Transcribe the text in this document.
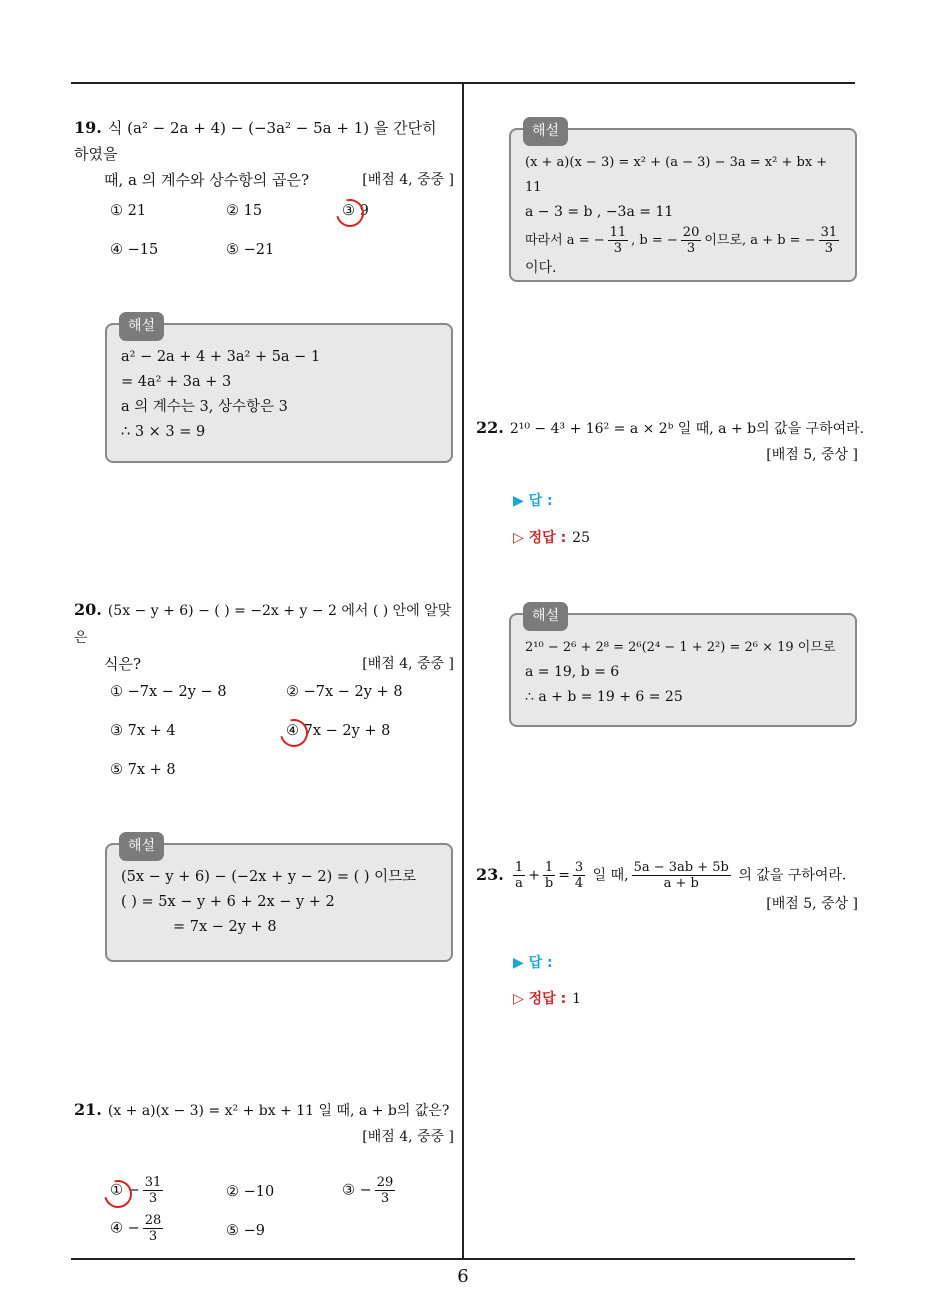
19. 식 (a² − 2a + 4) − (−3a² − 5a + 1) 을 간단히 하였을
때, a 의 계수와 상수항의 곱은?	[배점 4, 중중 ]
① 21	② 15	③ 9
④ −15	⑤ −21
해설
a² − 2a + 4 + 3a² + 5a − 1
= 4a² + 3a + 3
a 의 계수는 3, 상수항은 3
∴ 3 × 3 = 9
20. (5x − y + 6) − ( ) = −2x + y − 2 에서 ( ) 안에 알맞은
식은?	[배점 4, 중중 ]
① −7x − 2y − 8	② −7x − 2y + 8
③ 7x + 4	④ 7x − 2y + 8
⑤ 7x + 8
해설
(5x − y + 6) − (−2x + y − 2) = ( ) 이므로
( ) = 5x − y + 6 + 2x − y + 2
= 7x − 2y + 8
21. (x + a)(x − 3) = x² + bx + 11 일 때, a + b의 값은?
[배점 4, 중중 ]
① − $\frac{31}{3}$	② −10	③ − $\frac{29}{3}$
④ − $\frac{28}{3}$	⑤ −9
해설
(x + a)(x − 3) = x² + (a − 3) − 3a = x² + bx + 11
a − 3 = b , −3a = 11
따라서 a = − $\frac{11}{3}$ , b = − $\frac{20}{3}$ 이므로, a + b = − $\frac{31}{3}$
이다.
22. 2¹⁰ − 4³ + 16² = a × 2ᵇ 일 때, a + b의 값을 구하여라.
[배점 5, 중상 ]
▶ 답 :
▷ 정답 : 25
해설
2¹⁰ − 2⁶ + 2⁸ = 2⁶(2⁴ − 1 + 2²) = 2⁶ × 19 이므로
a = 19, b = 6
∴ a + b = 19 + 6 = 25
23. $\frac{1}{a} + \frac{1}{b} = \frac{3}{4}$ 일 때, $\frac{5a - 3ab + 5b}{a + b}$ 의 값을 구하여라.
[배점 5, 중상 ]
▶ 답 :
▷ 정답 : 1
6
